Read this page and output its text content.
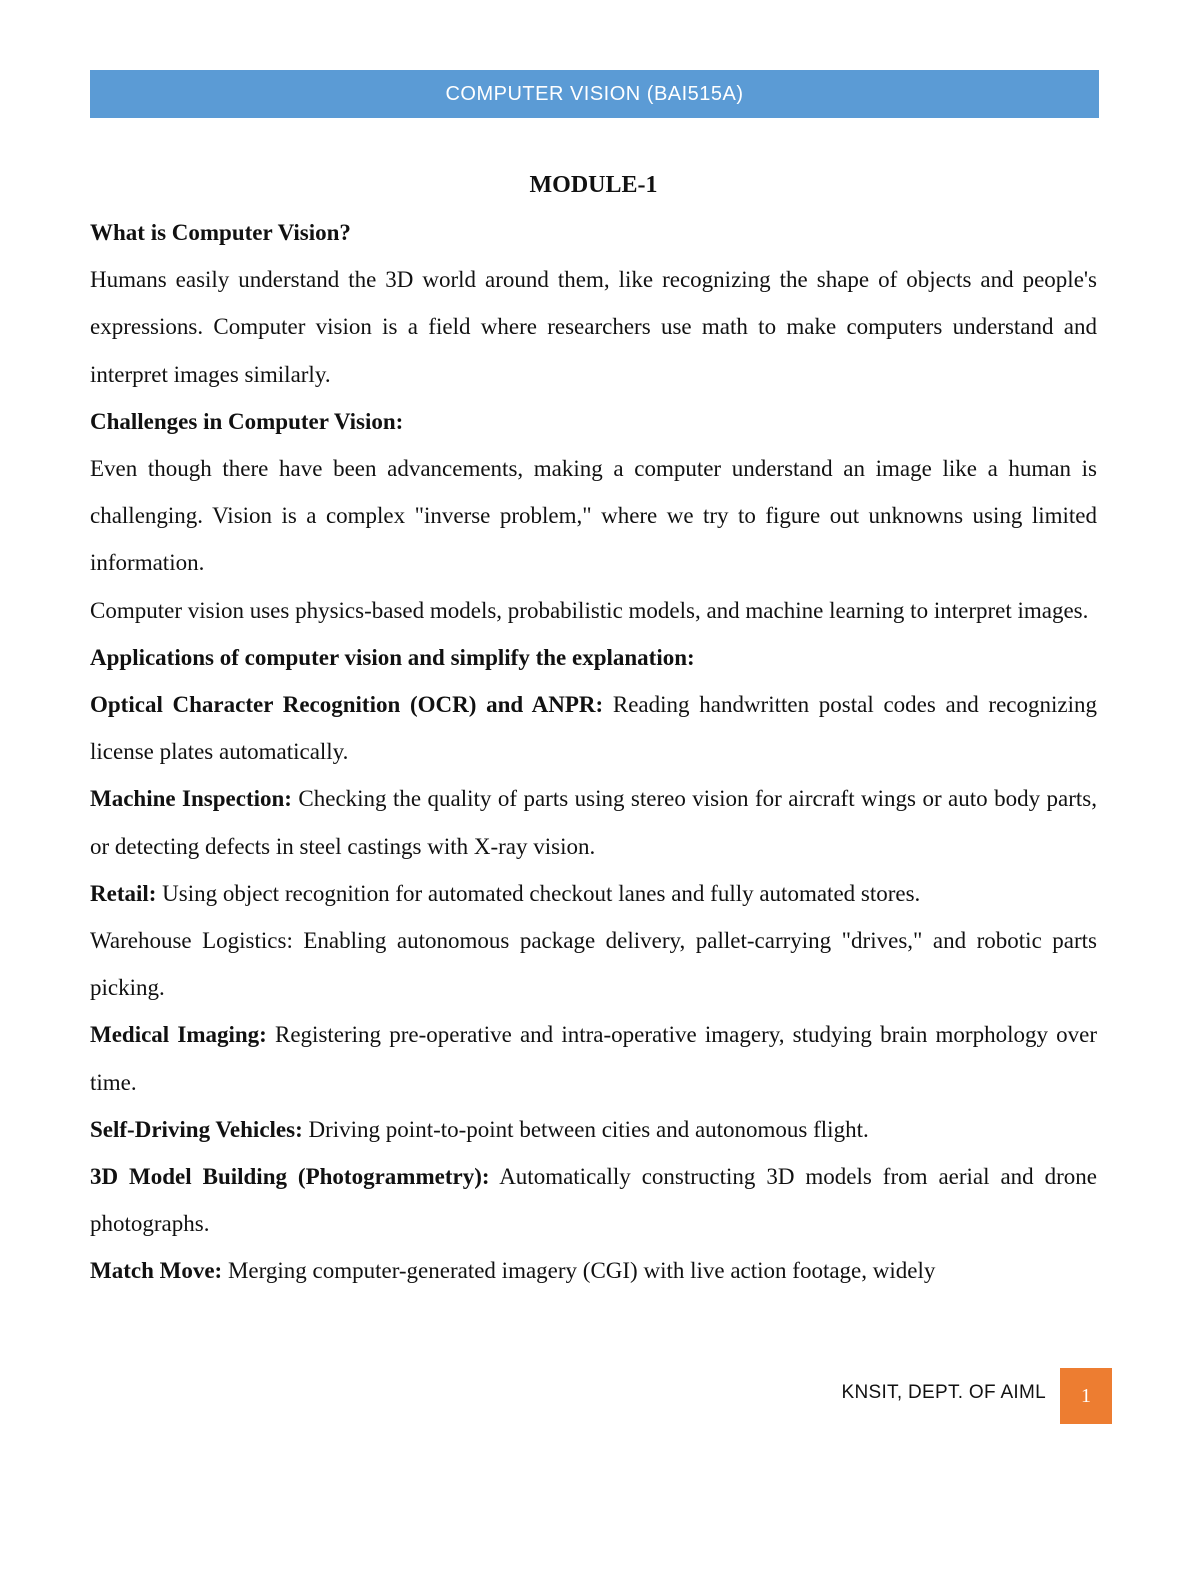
COMPUTER VISION (BAI515A)

MODULE-1

What is Computer Vision?

Humans easily understand the 3D world around them, like recognizing the shape of objects and people's expressions. Computer vision is a field where researchers use math to make computers understand and interpret images similarly.

Challenges in Computer Vision:

Even though there have been advancements, making a computer understand an image like a human is challenging. Vision is a complex "inverse problem," where we try to figure out unknowns using limited information.

Computer vision uses physics-based models, probabilistic models, and machine learning to interpret images.

Applications of computer vision and simplify the explanation:

Optical Character Recognition (OCR) and ANPR: Reading handwritten postal codes and recognizing license plates automatically.

Machine Inspection: Checking the quality of parts using stereo vision for aircraft wings or auto body parts, or detecting defects in steel castings with X-ray vision.

Retail: Using object recognition for automated checkout lanes and fully automated stores.

Warehouse Logistics: Enabling autonomous package delivery, pallet-carrying "drives," and robotic parts picking.

Medical Imaging: Registering pre-operative and intra-operative imagery, studying brain morphology over time.

Self-Driving Vehicles: Driving point-to-point between cities and autonomous flight.

3D Model Building (Photogrammetry): Automatically constructing 3D models from aerial and drone photographs.

Match Move: Merging computer-generated imagery (CGI) with live action footage, widely

KNSIT, DEPT. OF AIML 1
